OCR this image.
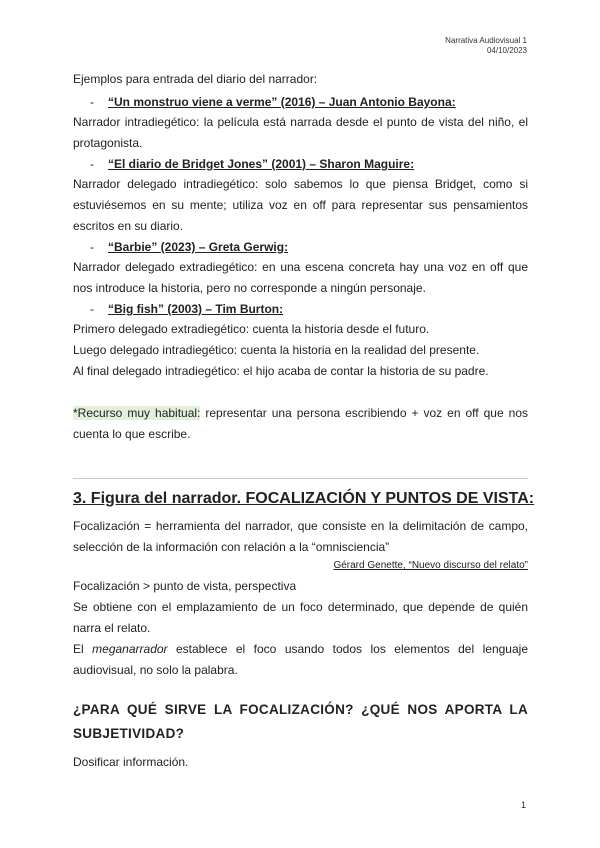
Narrativa Audiovisual 1
04/10/2023
Ejemplos para entrada del diario del narrador:
- “Un monstruo viene a verme” (2016) – Juan Antonio Bayona:
Narrador intradiegético: la película está narrada desde el punto de vista del niño, el protagonista.
- “El diario de Bridget Jones” (2001) – Sharon Maguire:
Narrador delegado intradiegético: solo sabemos lo que piensa Bridget, como si estuviésemos en su mente; utiliza voz en off para representar sus pensamientos escritos en su diario.
- “Barbie” (2023) – Greta Gerwig:
Narrador delegado extradiegético: en una escena concreta hay una voz en off que nos introduce la historia, pero no corresponde a ningún personaje.
- “Big fish” (2003) – Tim Burton:
Primero delegado extradiegético: cuenta la historia desde el futuro.
Luego delegado intradiegético: cuenta la historia en la realidad del presente.
Al final delegado intradiegético: el hijo acaba de contar la historia de su padre.
*Recurso muy habitual: representar una persona escribiendo + voz en off que nos cuenta lo que escribe.
3. Figura del narrador. FOCALIZACIÓN Y PUNTOS DE VISTA:
Focalización = herramienta del narrador, que consiste en la delimitación de campo, selección de la información con relación a la “omnisciencia”
Gérard Genette, “Nuevo discurso del relato”
Focalización > punto de vista, perspectiva
Se obtiene con el emplazamiento de un foco determinado, que depende de quién narra el relato.
El meganarrador establece el foco usando todos los elementos del lenguaje audiovisual, no solo la palabra.
¿PARA QUÉ SIRVE LA FOCALIZACIÓN? ¿QUÉ NOS APORTA LA SUBJETIVIDAD?
Dosificar información.
1
